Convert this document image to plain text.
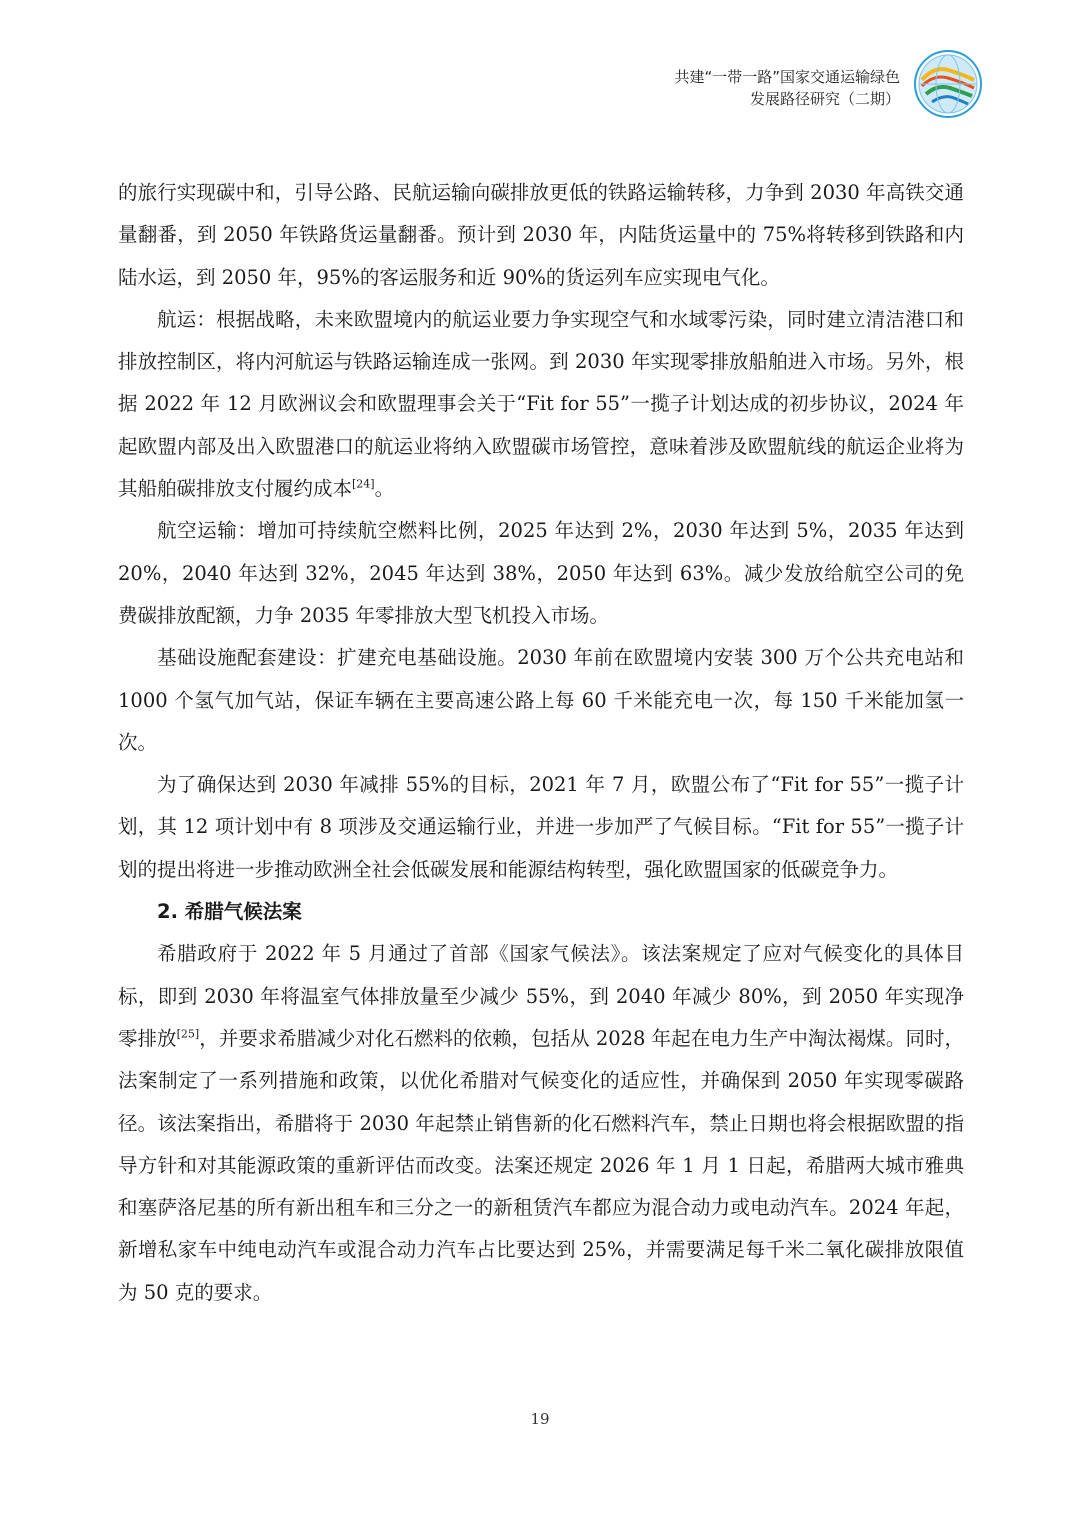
共建“一带一路”国家交通运输绿色
发展路径研究（二期）

的旅行实现碳中和，引导公路、民航运输向碳排放更低的铁路运输转移，力争到 2030 年高铁交通量翻番，到 2050 年铁路货运量翻番。预计到 2030 年，内陆货运量中的 75%将转移到铁路和内陆水运，到 2050 年，95%的客运服务和近 90%的货运列车应实现电气化。

航运：根据战略，未来欧盟境内的航运业要力争实现空气和水域零污染，同时建立清洁港口和排放控制区，将内河航运与铁路运输连成一张网。到 2030 年实现零排放船舶进入市场。另外，根据 2022 年 12 月欧洲议会和欧盟理事会关于“Fit for 55”一揽子计划达成的初步协议，2024 年起欧盟内部及出入欧盟港口的航运业将纳入欧盟碳市场管控，意味着涉及欧盟航线的航运企业将为其船舶碳排放支付履约成本[24]。

航空运输：增加可持续航空燃料比例，2025 年达到 2%，2030 年达到 5%，2035 年达到 20%，2040 年达到 32%，2045 年达到 38%，2050 年达到 63%。减少发放给航空公司的免费碳排放配额，力争 2035 年零排放大型飞机投入市场。

基础设施配套建设：扩建充电基础设施。2030 年前在欧盟境内安装 300 万个公共充电站和 1000 个氢气加气站，保证车辆在主要高速公路上每 60 千米能充电一次，每 150 千米能加氢一次。

为了确保达到 2030 年减排 55%的目标，2021 年 7 月，欧盟公布了“Fit for 55”一揽子计划，其 12 项计划中有 8 项涉及交通运输行业，并进一步加严了气候目标。“Fit for 55”一揽子计划的提出将进一步推动欧洲全社会低碳发展和能源结构转型，强化欧盟国家的低碳竞争力。

2. 希腊气候法案

希腊政府于 2022 年 5 月通过了首部《国家气候法》。该法案规定了应对气候变化的具体目标，即到 2030 年将温室气体排放量至少减少 55%，到 2040 年减少 80%，到 2050 年实现净零排放[25]，并要求希腊减少对化石燃料的依赖，包括从 2028 年起在电力生产中淘汰褐煤。同时，法案制定了一系列措施和政策，以优化希腊对气候变化的适应性，并确保到 2050 年实现零碳路径。该法案指出，希腊将于 2030 年起禁止销售新的化石燃料汽车，禁止日期也将会根据欧盟的指导方针和对其能源政策的重新评估而改变。法案还规定 2026 年 1 月 1 日起，希腊两大城市雅典和塞萨洛尼基的所有新出租车和三分之一的新租赁汽车都应为混合动力或电动汽车。2024 年起，新增私家车中纯电动汽车或混合动力汽车占比要达到 25%，并需要满足每千米二氧化碳排放限值为 50 克的要求。

19
